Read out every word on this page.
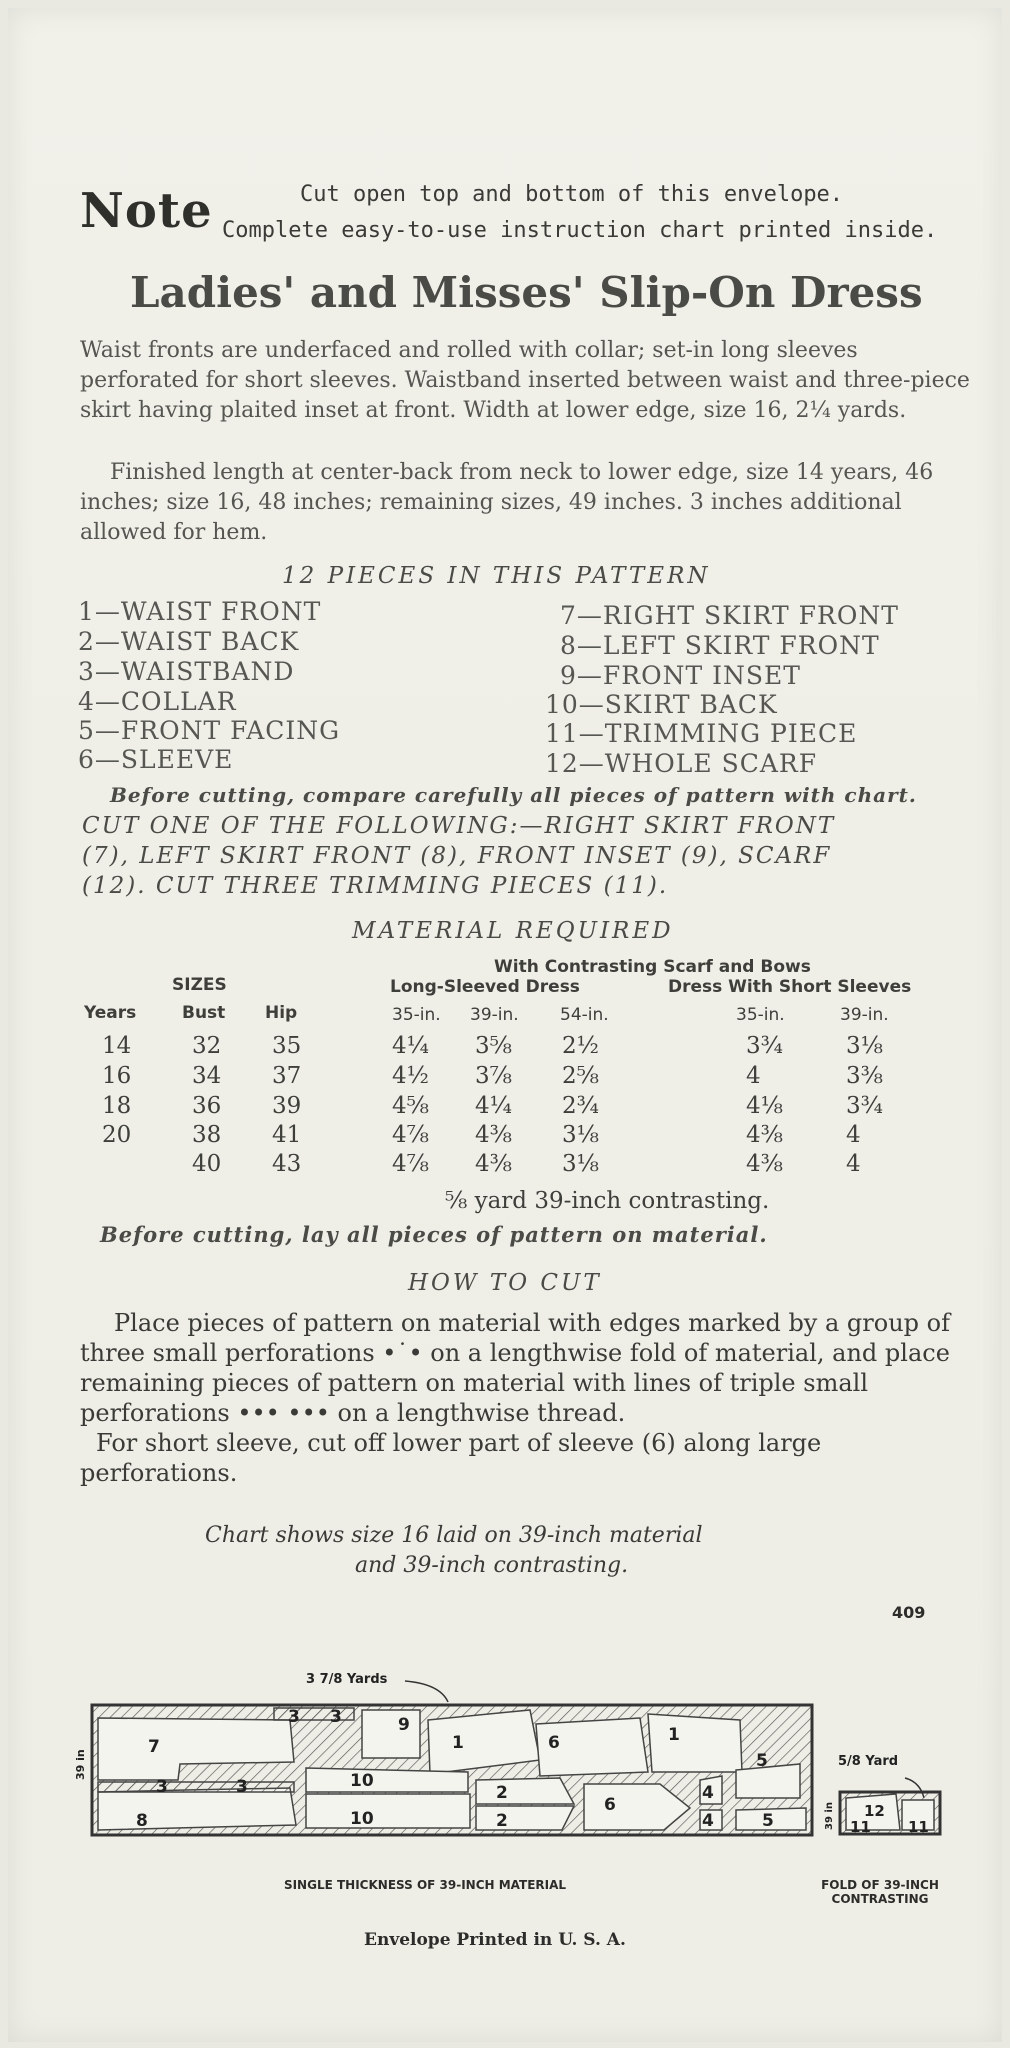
Note	Cut open top and bottom of this envelope.
Complete easy-to-use instruction chart printed inside.
Ladies' and Misses' Slip-On Dress
Waist fronts are underfaced and rolled with collar; set-in long sleeves perforated for short sleeves. Waistband inserted between waist and three-piece skirt having plaited inset at front. Width at lower edge, size 16, 2¼ yards.
Finished length at center-back from neck to lower edge, size 14 years, 46 inches; size 16, 48 inches; remaining sizes, 49 inches. 3 inches additional allowed for hem.
12 PIECES IN THIS PATTERN
1—WAIST FRONT
2—WAIST BACK
3—WAISTBAND
4—COLLAR
5—FRONT FACING
6—SLEEVE
7—RIGHT SKIRT FRONT
8—LEFT SKIRT FRONT
9—FRONT INSET
10—SKIRT BACK
11—TRIMMING PIECE
12—WHOLE SCARF
Before cutting, compare carefully all pieces of pattern with chart.
CUT ONE OF THE FOLLOWING:—RIGHT SKIRT FRONT
(7), LEFT SKIRT FRONT (8), FRONT INSET (9), SCARF
(12). CUT THREE TRIMMING PIECES (11).
MATERIAL REQUIRED
With Contrasting Scarf and Bows
SIZES	Long-Sleeved Dress	Dress With Short Sleeves
Years	Bust Hip	35-in. 39-in. 54-in.	35-in.	39-in.
14	32 35	4¼ 3⅝ 2½	3¾	3⅛
16	34 37	4½ 3⅞ 2⅝	4	3⅜
18	36 39	4⅝ 4¼ 2¾	4⅛	3¾
20	38 41	4⅞ 4⅜ 3⅛	4⅜	4
40 43	4⅞ 4⅜ 3⅛	4⅜	4
⅝ yard 39-inch contrasting.
Before cutting, lay all pieces of pattern on material.
HOW TO CUT
Place pieces of pattern on material with edges marked by a group of three small perforations •˙• on a lengthwise fold of material, and place remaining pieces of pattern on material with lines of triple small perforations ••• ••• on a lengthwise thread.
For short sleeve, cut off lower part of sleeve (6) along large perforations.
Chart shows size 16 laid on 39-inch material
and 39-inch contrasting.
409
3 7/8 Yards
5/8 Yard
7
3 3	9
1	6	1
5
3	3	10
2
6
4
10
8	2	4	5
39 in
12
11 11
39 in
SINGLE THICKNESS OF 39-INCH MATERIAL	FOLD OF 39-INCH CONTRASTING
Envelope Printed in U. S. A.
